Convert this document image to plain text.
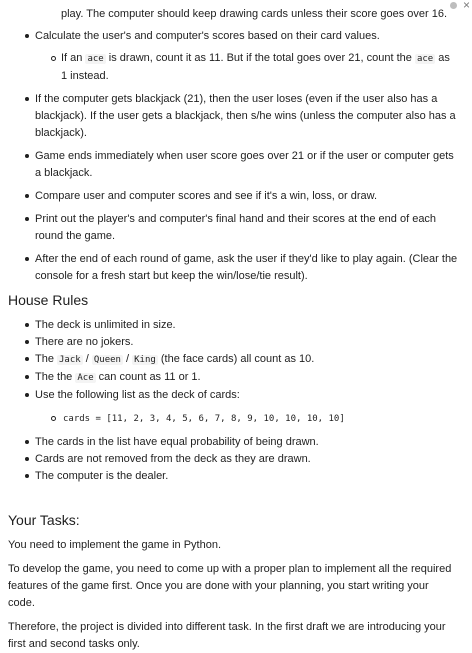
×
play. The computer should keep drawing cards unless their score goes over 16.
Calculate the user's and computer's scores based on their card values.
If an ace is drawn, count it as 11. But if the total goes over 21, count the ace as 1 instead.
If the computer gets blackjack (21), then the user loses (even if the user also has a blackjack). If the user gets a blackjack, then s/he wins (unless the computer also has a blackjack).
Game ends immediately when user score goes over 21 or if the user or computer gets a blackjack.
Compare user and computer scores and see if it's a win, loss, or draw.
Print out the player's and computer's final hand and their scores at the end of each round the game.
After the end of each round of game, ask the user if they'd like to play again. (Clear the console for a fresh start but keep the win/lose/tie result).
House Rules
The deck is unlimited in size.
There are no jokers.
The Jack / Queen / King (the face cards) all count as 10.
The the Ace can count as 11 or 1.
Use the following list as the deck of cards:
cards = [11, 2, 3, 4, 5, 6, 7, 8, 9, 10, 10, 10, 10]
The cards in the list have equal probability of being drawn.
Cards are not removed from the deck as they are drawn.
The computer is the dealer.
Your Tasks:

You need to implement the game in Python.

To develop the game, you need to come up with a proper plan to implement all the required features of the game first. Once you are done with your planning, you start writing your code.

Therefore, the project is divided into different task. In the first draft we are introducing your first and second tasks only.
